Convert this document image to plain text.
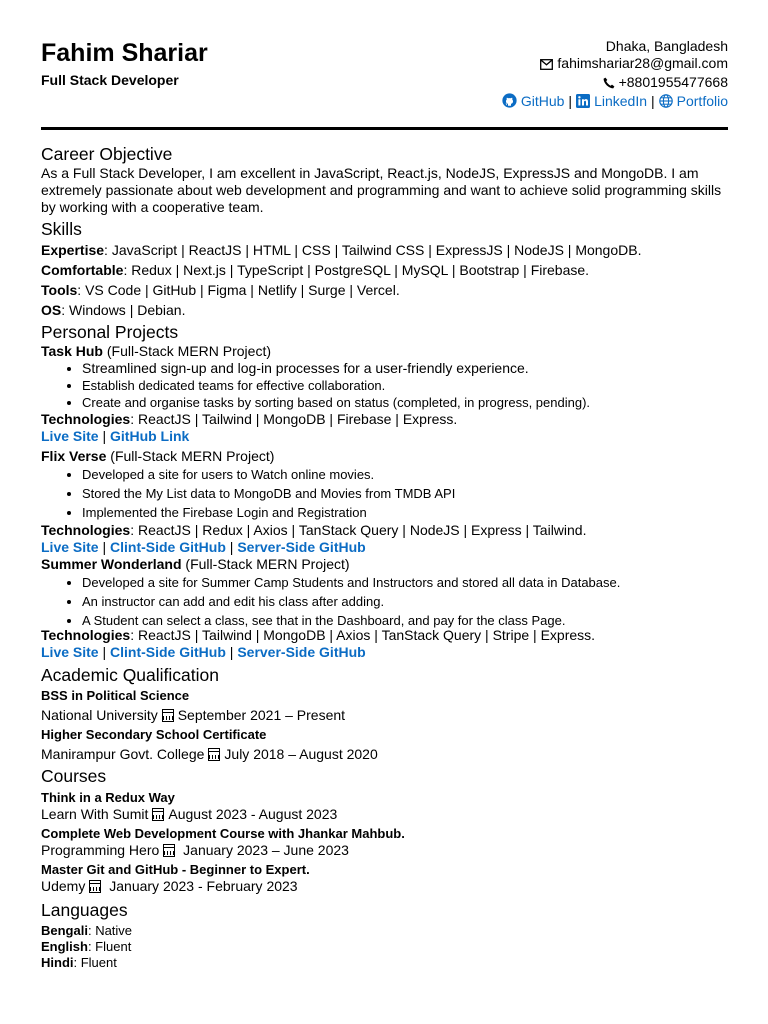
Fahim Shariar
Full Stack Developer
Dhaka, Bangladesh
fahimshariar28@gmail.com
+8801955477668
GitHub | LinkedIn | Portfolio
Career Objective

As a Full Stack Developer, I am excellent in JavaScript, React.js, NodeJS, ExpressJS and MongoDB. I am extremely passionate about web development and programming and want to achieve solid programming skills by working with a cooperative team.

Skills

Expertise: JavaScript | ReactJS | HTML | CSS | Tailwind CSS | ExpressJS | NodeJS | MongoDB.

Comfortable: Redux | Next.js | TypeScript | PostgreSQL | MySQL | Bootstrap | Firebase.

Tools: VS Code | GitHub | Figma | Netlify | Surge | Vercel.

OS: Windows | Debian.

Personal Projects

Task Hub (Full-Stack MERN Project)

• Streamlined sign-up and log-in processes for a user-friendly experience.
• Establish dedicated teams for effective collaboration.
• Create and organise tasks by sorting based on status (completed, in progress, pending).

Technologies: ReactJS | Tailwind | MongoDB | Firebase | Express.

Live Site | GitHub Link

Flix Verse (Full-Stack MERN Project)

• Developed a site for users to Watch online movies.
• Stored the My List data to MongoDB and Movies from TMDB API
• Implemented the Firebase Login and Registration

Technologies: ReactJS | Redux | Axios | TanStack Query | NodeJS | Express | Tailwind.

Live Site | Clint-Side GitHub | Server-Side GitHub

Summer Wonderland (Full-Stack MERN Project)

• Developed a site for Summer Camp Students and Instructors and stored all data in Database.
• An instructor can add and edit his class after adding.
• A Student can select a class, see that in the Dashboard, and pay for the class Page.

Technologies: ReactJS | Tailwind | MongoDB | Axios | TanStack Query | Stripe | Express.

Live Site | Clint-Side GitHub | Server-Side GitHub

Academic Qualification

BSS in Political Science

National University September 2021 – Present

Higher Secondary School Certificate

Manirampur Govt. College July 2018 – August 2020

Courses

Think in a Redux Way

Learn With Sumit August 2023 - August 2023

Complete Web Development Course with Jhankar Mahbub.

Programming Hero January 2023 – June 2023

Master Git and GitHub - Beginner to Expert.

Udemy January 2023 - February 2023

Languages

Bengali: Native

English: Fluent

Hindi: Fluent
